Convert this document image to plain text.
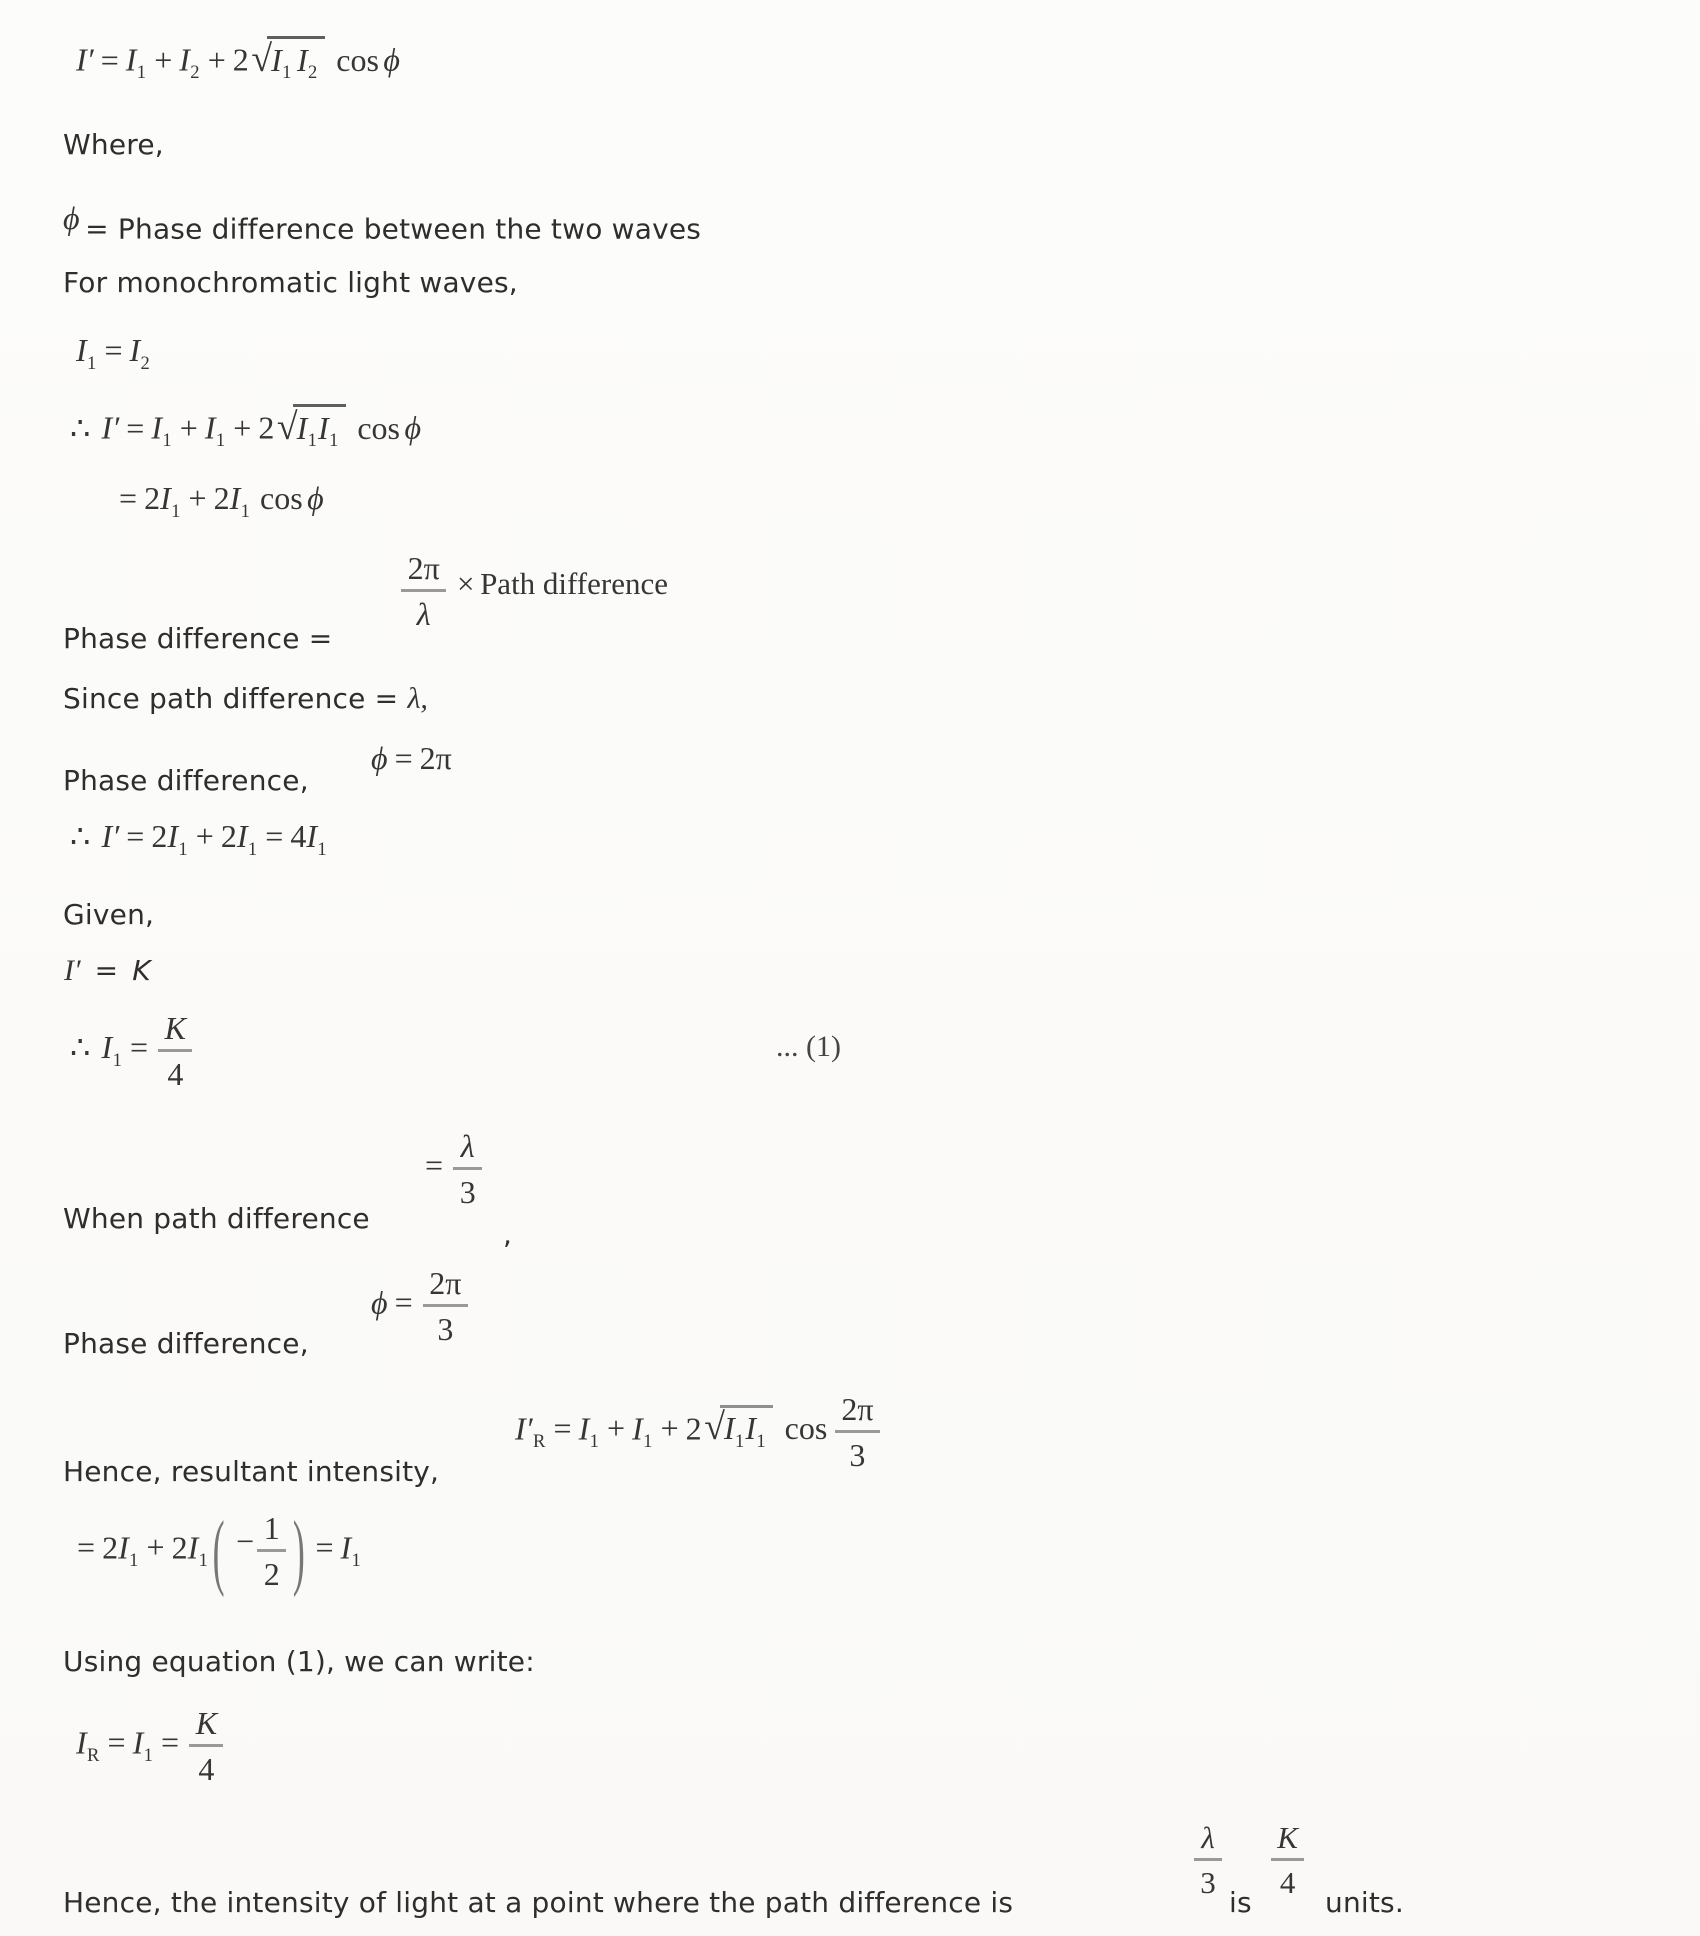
$I' = I_1 + I_2 + 2$ √ $I_1$ $I_2$ cos ϕ
Where,
ϕ = Phase difference between the two waves
For monochromatic light waves,
$I_1 = I_2$
∴ $I' = I_1 + I_1 + 2$ √ $I_1I_1$ cos ϕ
= $2I_1 + 2I_1$ cos ϕ
Phase difference =
2π
λ
× Path difference
Since path difference = λ,
Phase difference,
ϕ = 2π
∴ $I' = 2I_1 + 2I_1 = 4I_1$
Given,
I′ = K
∴ $I_1 = \frac{K}{4}$	... (1)
When path difference
= $\frac{\lambda}{3}$
,
Phase difference,
$\phi = \frac{2\pi}{3}$
Hence, resultant intensity,
$I'_R = I_1 + I_1 + 2$ √ $I_1I_1$ $\cos \frac{2\pi}{3}$
= $2I_1 + 2I_1$ ( − $\frac{1}{2}$ ) = $I_1$
Using equation (1), we can write:
$I_R = I_1 = \frac{K}{4}$
Hence, the intensity of light at a point where the path difference is
λ
3
is
K
4
units.
